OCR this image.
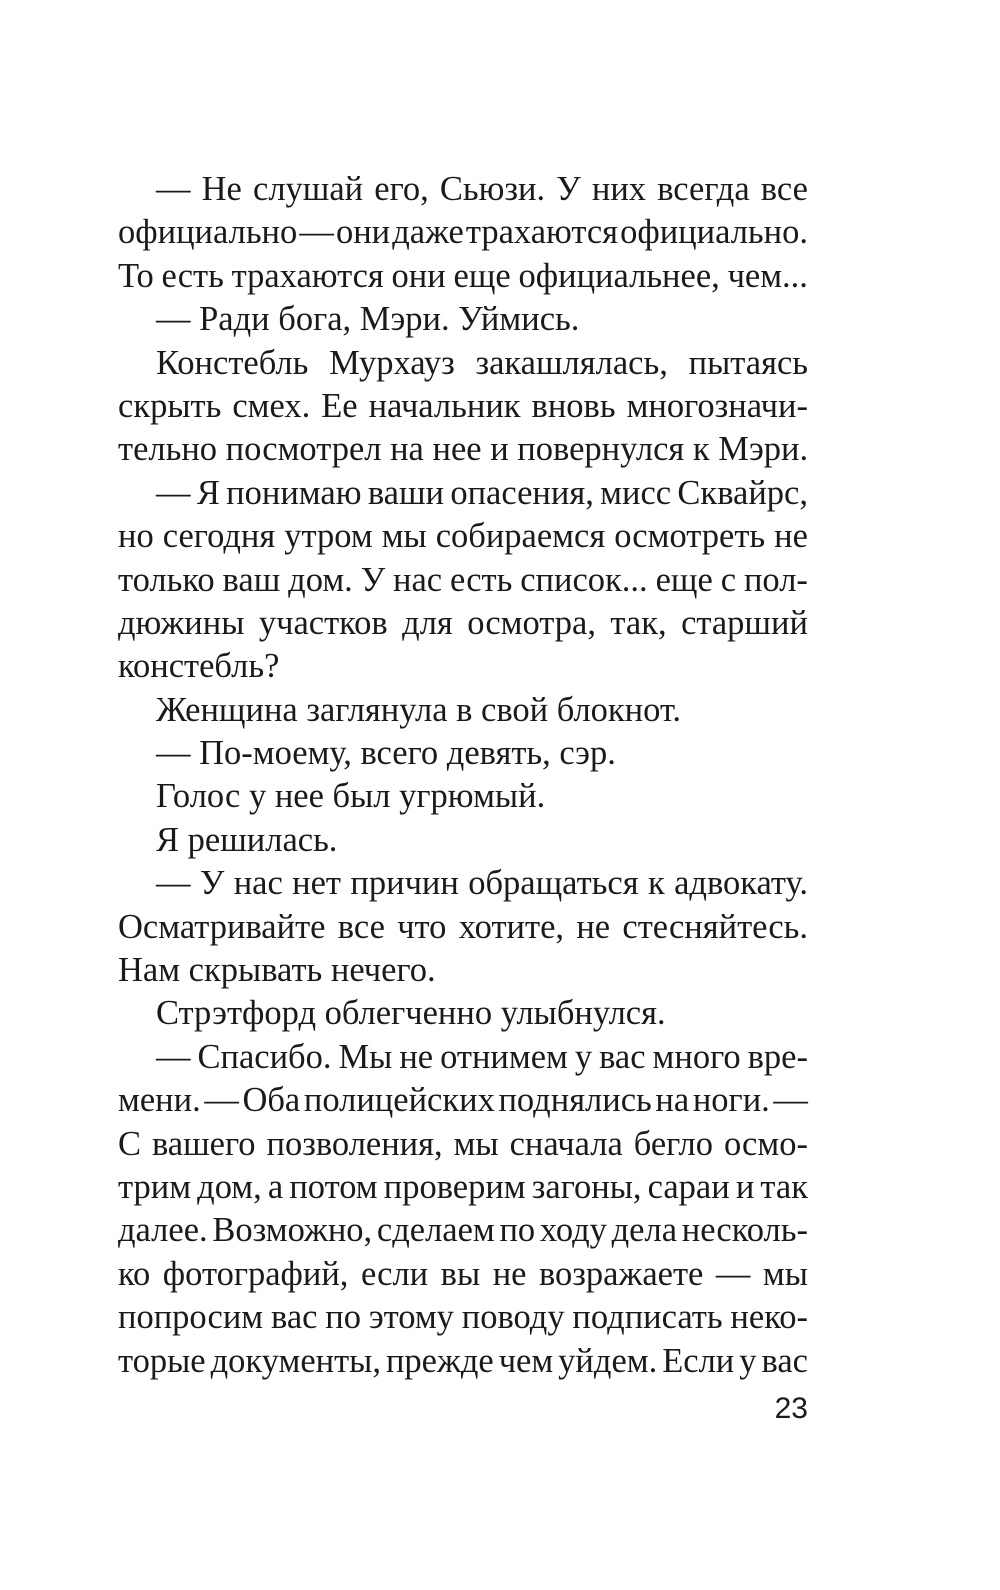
— Не слушай его, Сьюзи. У них всегда все
официально — они даже трахаются официально.
То есть трахаются они еще официальнее, чем...
— Ради бога, Мэри. Уймись.
Констебль Мурхауз закашлялась, пытаясь
скрыть смех. Ее начальник вновь многозначи-
тельно посмотрел на нее и повернулся к Мэри.
— Я понимаю ваши опасения, мисс Сквайрс,
но сегодня утром мы собираемся осмотреть не
только ваш дом. У нас есть список... еще с пол-
дюжины участков для осмотра, так, старший
констебль?
Женщина заглянула в свой блокнот.
— По-моему, всего девять, сэр.
Голос у нее был угрюмый.
Я решилась.
— У нас нет причин обращаться к адвокату.
Осматривайте все что хотите, не стесняйтесь.
Нам скрывать нечего.
Стрэтфорд облегченно улыбнулся.
— Спасибо. Мы не отнимем у вас много вре-
мени. — Оба полицейских поднялись на ноги. —
С вашего позволения, мы сначала бегло осмо-
трим дом, а потом проверим загоны, сараи и так
далее. Возможно, сделаем по ходу дела несколь-
ко фотографий, если вы не возражаете — мы
попросим вас по этому поводу подписать неко-
торые документы, прежде чем уйдем. Если у вас
23
